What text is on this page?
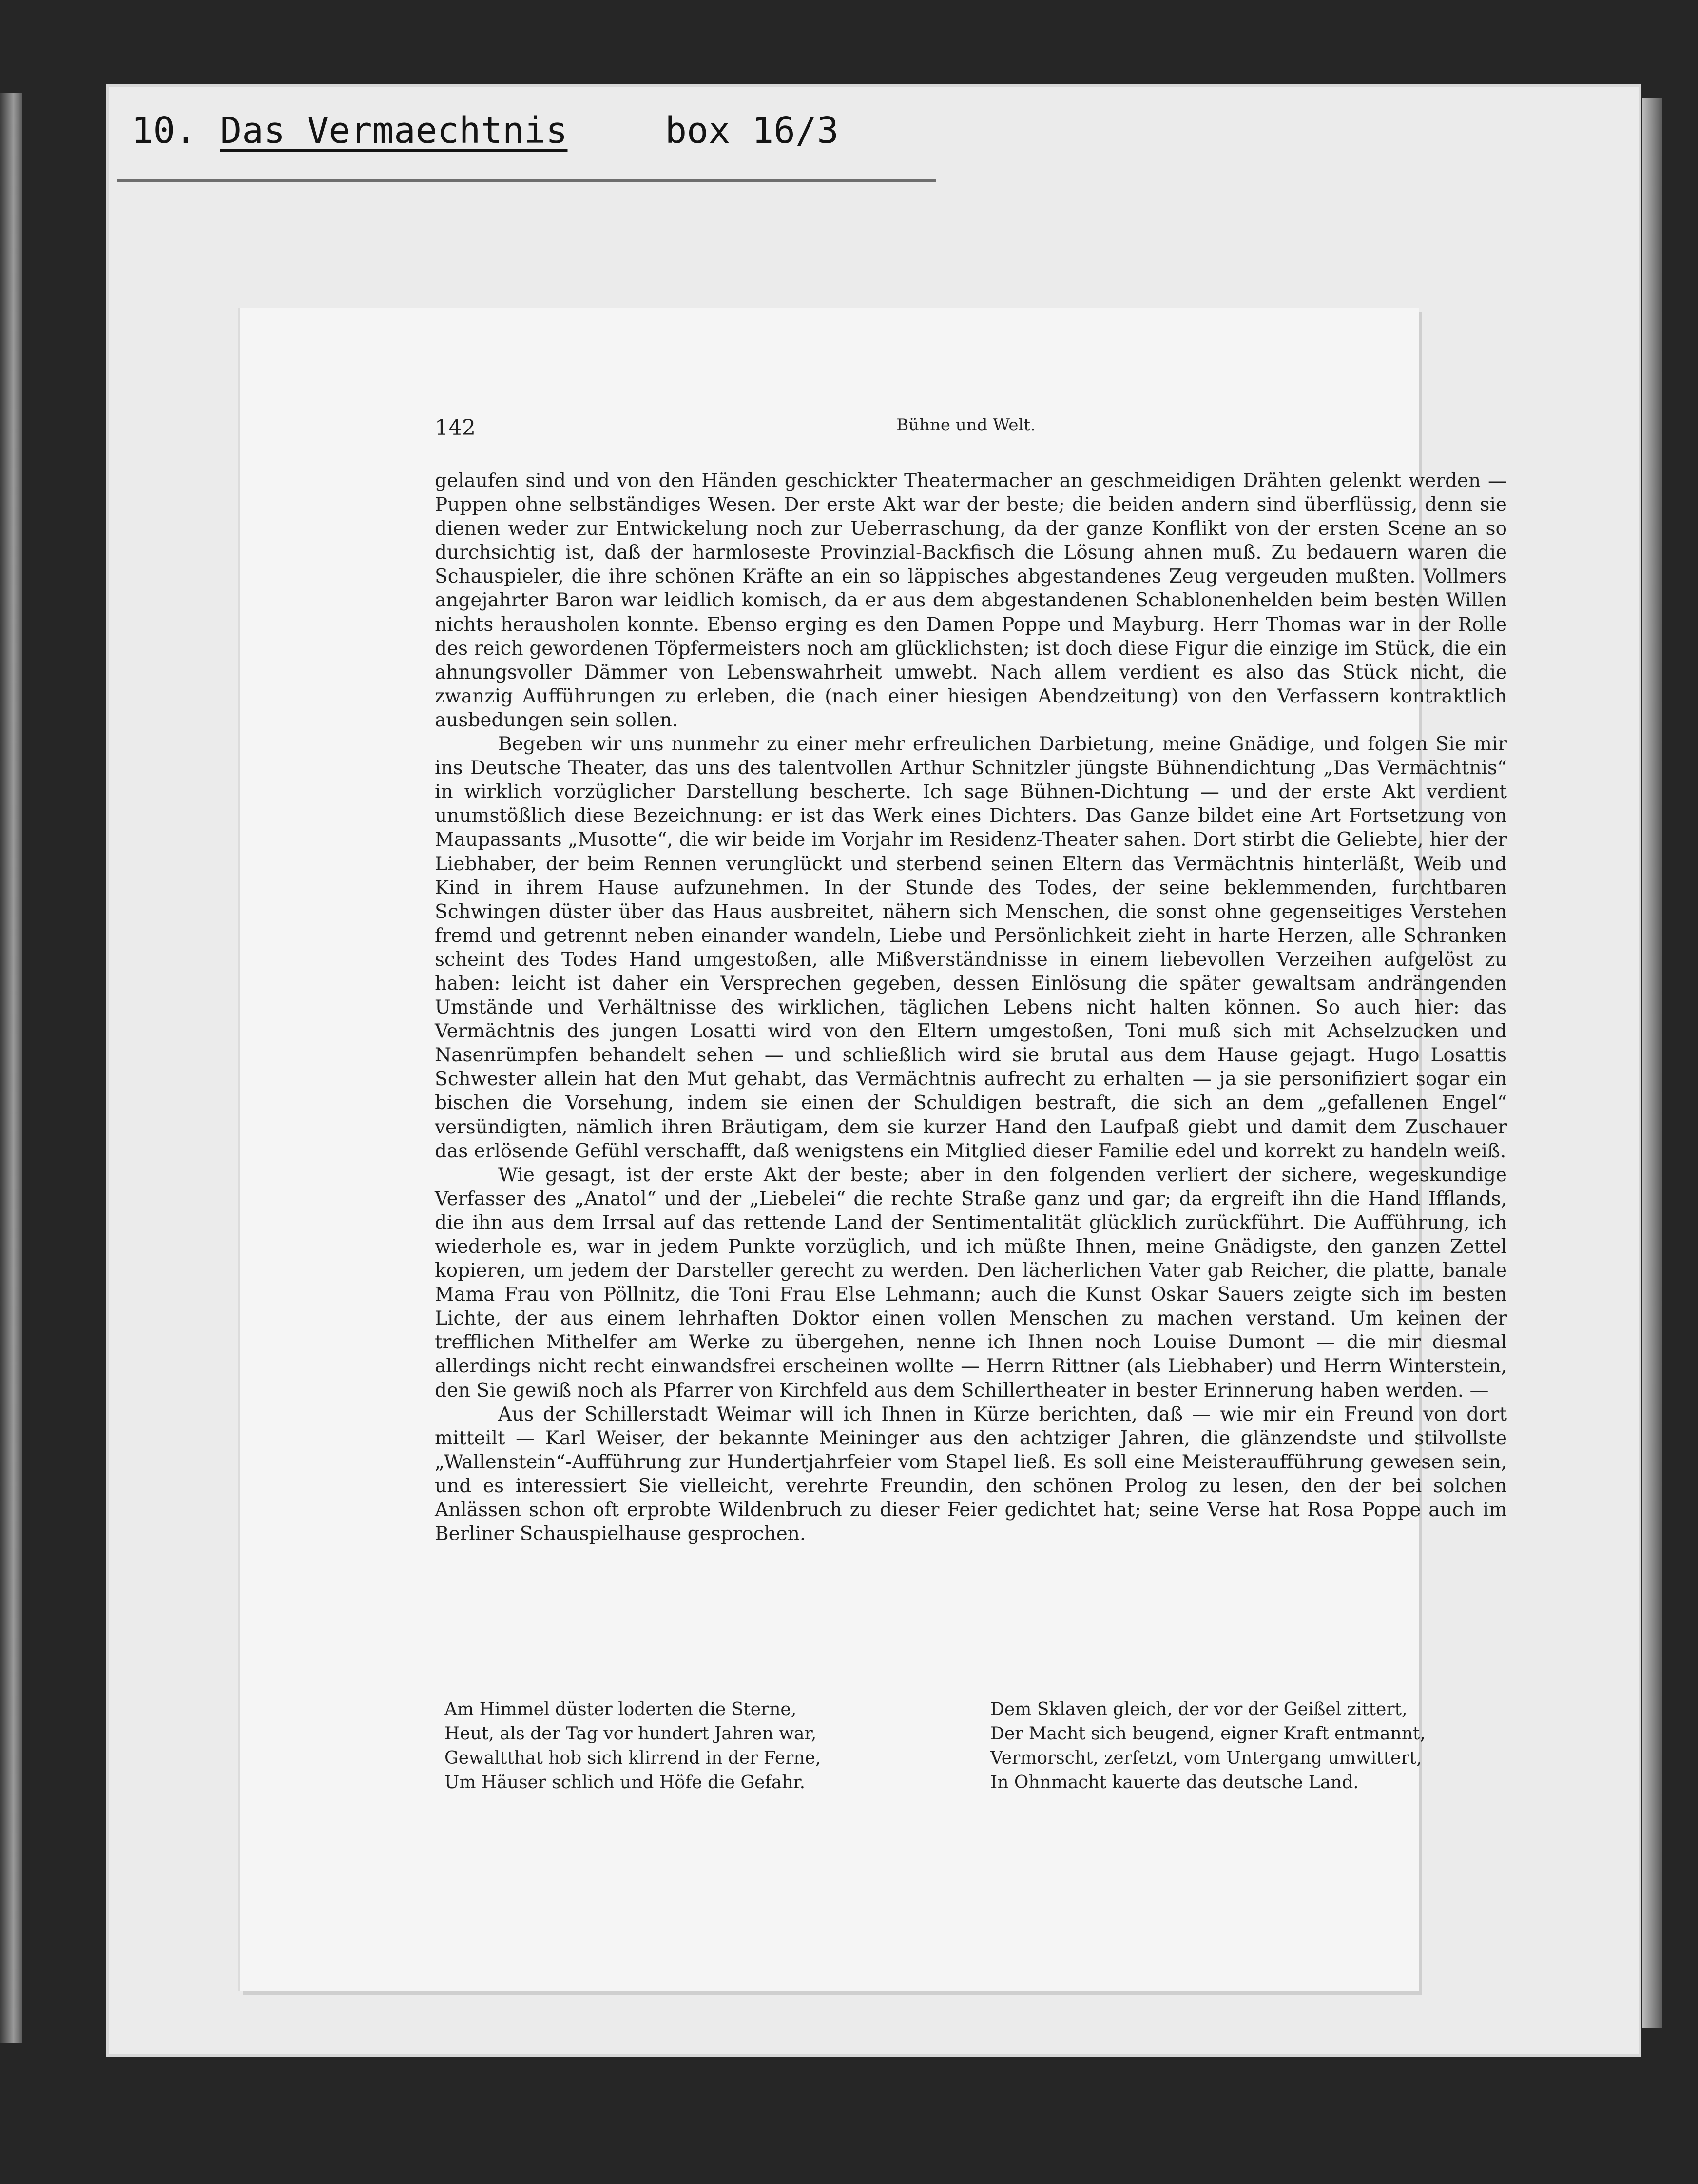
10. Das Vermaechtnis	box 16/3
142	Bühne und Welt.

gelaufen sind und von den Händen geschickter Theatermacher an geschmeidigen Drähten gelenkt werden — Puppen ohne selbständiges Wesen. Der erste Akt war der beste; die beiden andern sind überflüssig, denn sie dienen weder zur Entwickelung noch zur Ueberraschung, da der ganze Konflikt von der ersten Scene an so durchsichtig ist, daß der harmloseste Provinzial-Backfisch die Lösung ahnen muß. Zu bedauern waren die Schauspieler, die ihre schönen Kräfte an ein so läppisches abgestandenes Zeug vergeuden mußten. Vollmers angejahrter Baron war leidlich komisch, da er aus dem abgestandenen Schablonenhelden beim besten Willen nichts herausholen konnte. Ebenso erging es den Damen Poppe und Mayburg. Herr Thomas war in der Rolle des reich gewordenen Töpfermeisters noch am glücklichsten; ist doch diese Figur die einzige im Stück, die ein ahnungsvoller Dämmer von Lebenswahrheit umwebt. Nach allem verdient es also das Stück nicht, die zwanzig Aufführungen zu erleben, die (nach einer hiesigen Abendzeitung) von den Verfassern kontraktlich ausbedungen sein sollen.

Begeben wir uns nunmehr zu einer mehr erfreulichen Darbietung, meine Gnädige, und folgen Sie mir ins Deutsche Theater, das uns des talentvollen Arthur Schnitzler jüngste Bühnendichtung „Das Vermächtnis“ in wirklich vorzüglicher Darstellung bescherte. Ich sage Bühnen-Dichtung — und der erste Akt verdient unumstößlich diese Bezeichnung: er ist das Werk eines Dichters. Das Ganze bildet eine Art Fortsetzung von Maupassants „Musotte“, die wir beide im Vorjahr im Residenz-Theater sahen. Dort stirbt die Geliebte, hier der Liebhaber, der beim Rennen verunglückt und sterbend seinen Eltern das Vermächtnis hinterläßt, Weib und Kind in ihrem Hause aufzunehmen. In der Stunde des Todes, der seine beklemmenden, furchtbaren Schwingen düster über das Haus ausbreitet, nähern sich Menschen, die sonst ohne gegenseitiges Verstehen fremd und getrennt neben einander wandeln, Liebe und Persönlichkeit zieht in harte Herzen, alle Schranken scheint des Todes Hand umgestoßen, alle Mißverständnisse in einem liebevollen Verzeihen aufgelöst zu haben: leicht ist daher ein Versprechen gegeben, dessen Einlösung die später gewaltsam andrängenden Umstände und Verhältnisse des wirklichen, täglichen Lebens nicht halten können. So auch hier: das Vermächtnis des jungen Losatti wird von den Eltern umgestoßen, Toni muß sich mit Achselzucken und Nasenrümpfen behandelt sehen — und schließlich wird sie brutal aus dem Hause gejagt. Hugo Losattis Schwester allein hat den Mut gehabt, das Vermächtnis aufrecht zu erhalten — ja sie personifiziert sogar ein bischen die Vorsehung, indem sie einen der Schuldigen bestraft, die sich an dem „gefallenen Engel“ versündigten, nämlich ihren Bräutigam, dem sie kurzer Hand den Laufpaß giebt und damit dem Zuschauer das erlösende Gefühl verschafft, daß wenigstens ein Mitglied dieser Familie edel und korrekt zu handeln weiß.

Wie gesagt, ist der erste Akt der beste; aber in den folgenden verliert der sichere, wegeskundige Verfasser des „Anatol“ und der „Liebelei“ die rechte Straße ganz und gar; da ergreift ihn die Hand Ifflands, die ihn aus dem Irrsal auf das rettende Land der Sentimentalität glücklich zurückführt. Die Aufführung, ich wiederhole es, war in jedem Punkte vorzüglich, und ich müßte Ihnen, meine Gnädigste, den ganzen Zettel kopieren, um jedem der Darsteller gerecht zu werden. Den lächerlichen Vater gab Reicher, die platte, banale Mama Frau von Pöllnitz, die Toni Frau Else Lehmann; auch die Kunst Oskar Sauers zeigte sich im besten Lichte, der aus einem lehrhaften Doktor einen vollen Menschen zu machen verstand. Um keinen der trefflichen Mithelfer am Werke zu übergehen, nenne ich Ihnen noch Louise Dumont — die mir diesmal allerdings nicht recht einwandsfrei erscheinen wollte — Herrn Rittner (als Liebhaber) und Herrn Winterstein, den Sie gewiß noch als Pfarrer von Kirchfeld aus dem Schillertheater in bester Erinnerung haben werden. —

Aus der Schillerstadt Weimar will ich Ihnen in Kürze berichten, daß — wie mir ein Freund von dort mitteilt — Karl Weiser, der bekannte Meininger aus den achtziger Jahren, die glänzendste und stilvollste „Wallenstein“-Aufführung zur Hundertjahrfeier vom Stapel ließ. Es soll eine Meisteraufführung gewesen sein, und es interessiert Sie vielleicht, verehrte Freundin, den schönen Prolog zu lesen, den der bei solchen Anlässen schon oft erprobte Wildenbruch zu dieser Feier gedichtet hat; seine Verse hat Rosa Poppe auch im Berliner Schauspielhause gesprochen.

Am Himmel düster loderten die Sterne,
Heut, als der Tag vor hundert Jahren war,
Gewaltthat hob sich klirrend in der Ferne,
Um Häuser schlich und Höfe die Gefahr.
Dem Sklaven gleich, der vor der Geißel zittert,
Der Macht sich beugend, eigner Kraft entmannt,
Vermorscht, zerfetzt, vom Untergang umwittert,
In Ohnmacht kauerte das deutsche Land.
